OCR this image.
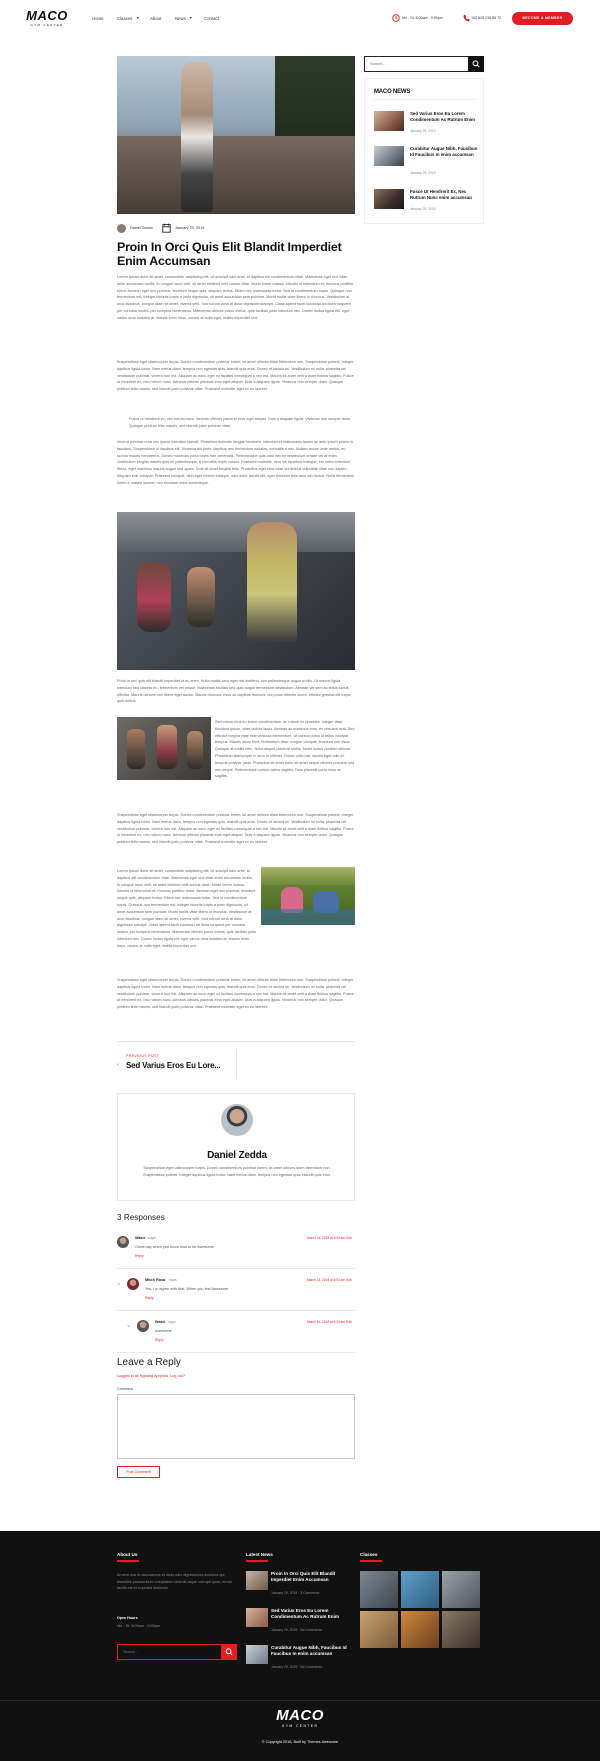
MACO
GYM CENTER
Home	Classes ▼ About	News ▼	Contact	Mn - St: 8:00am - 9:00pm	+62 828 236 86 72	BECOME A MEMBER
Daniel Zedda	January 29, 2019
Proin In Orci Quis Elit Blandit Imperdiet Enim Accumsan
Lorem ipsum dolor sit amet, consectetur adipiscing elit. Ut suscipit odio ante, id dapibus elit condimentum vitae. Maecenas eget orci vitae enim accumsan mollis. In congue nunc velit, sit amet eleifend velit cursus vitae. Morbi lorem massa, lobortis id bibendum et, rhoncus porttitor tortor. Aenean eget orci pulvinar, tincidunt neque quis, aliquam lectus. Etiam nec malesuada tortor. Sed id condimentum turpis. Quisque non fermentum est. Integer lobortis turpis a justo dignissim, sit amet accumsan sem pulvinar. Morbi mollis vitae libero in rhoncus. Vestibulum at arcu faucibus, congue diam sit amet, viverra velit. Sed rutrum urna at dolor dignissim suscipit. Class aptent taciti sociosqu ad litora torquent per conubia nostra, per inceptos himenaeos. Maecenas ultrices purus metus, quis facilisis justo interdum nec. Donec luctus ligula elit, eget varius urna sodales at. Mauris enim risus, cursus at nulla eget, mattis imperdiet orci.
Suspendisse eget ullamcorper turpis. Donec condimentum pulvinar lorem, sit amet ultrices diam bibendum non. Suspendisse potenti. Integer dapibus ligula tortor. Nam metus diam, tempus non egestas quis, blandit quis eros. Donec et lacinia mi. Vestibulum mi nulla, pharetra vel vestibulum pulvinar, viverra non est. Aliquam ac nunc eget mi facilisis consequat a nec est. Mauris sit amet velit a diam finibus sagittis. Fusce ut hendrerit ex, nec rutrum nunc. Aenean ultrices placerat eros eget aliquet. Duis a aliquam ligula. Vivamus non semper dolor. Quisque pretium felis mauris, sed blandit justo pulvinar vitae. Praesent molestie eget ex eu laoreet.
Fusce ut hendrerit ex, nec rutrum nunc. Aenean ultrices placerat eros eget aliquet. Duis a aliquam ligula. Vivamus non semper dolor. Quisque pretium felis mauris, sed blandit justo pulvinar vitae.
Viverra pulvinar urna nec ipsum interdum blandit. Phasellus molestie feugiat hendrerit. Interdum et malesuada fames ac ante ipsum primis in faucibus. Suspendisse ut dapibus elit. Vivamus dui justo, dapibus nec fermentum sodales, convallis a nisi. Nullam auctor ante metus, eu lacinia mauris hendrerit a. Donec maximus porta turpis non venenatis. Pellentesque quis odio nec ex vestibulum ornare vel at enim. Vestibulum fringilla mauris quis mi pellentesque, a convallis turpis cursus. Praesent molestie, arcu vel faucibus tristique, est lorem interdum libero, eget maximus mauris augue sed quam. Duis sit amet fringilla felis. Phasellus eget eros vitae dui finibus vulputate vitae non sapien. Aliquam erat volutpat. Praesent volutpat, nibh eget viverra tristique, odio dolor iaculis elit, eget tincidunt felis arcu nec lectus. Nulla fermentum lorem a massa laoreet, non tincidunt dolor scelerisque.
Proin in orci quis elit blandit imperdiet ut eu enim. Nulla mattis arcu eget nisi eleifend, non pellentesque augue mollis. Ut mauris ligula, interdum sed lobortis eu, fermentum vel neque. Maecenas facilisis sed quis augue fermentum vestibulum. Aenean vel sem ac tellus luctus efficitur. Mauris ultrices non libero eget auctor. Mauris rhoncus, risus ac dapibus rhoncus, dui purus ultrices lorem, efficitur gravida elit turpis quis metus.
Sed varius eros eu lorem condimentum, ac rutrum ex pharetra. Integer vitae tincidunt ipsum, vitae lacinia lacus. Aenean ac maximus eros, eu posuere erat. Sed efficitur magna vitae erat vehicula elementum. Ut cursus purus id tellus volutpat tempus. Mauris lacus eros, fermentum vitae congue volutpat, tincidunt non risus. Quisque at mollis nibh. Nulla aliquet placerat mollis. Morbi luctus porttitor ultrices. Phasellus ullamcorper in arcu ut ultrices. Donec odio nisl, iaculis eget odio id, tempus pulvinar justo. Phasellus sit amet dolor sit amet neque ultrices posuere sed nec neque. Pellentesque cursus varius sagittis. Duis placerat porta risus ac sagittis.
Suspendisse eget ullamcorper turpis. Donec condimentum pulvinar lorem, sit amet ultrices diam bibendum non. Suspendisse potenti. Integer dapibus ligula tortor. Nam metus diam, tempus non egestas quis, blandit quis eros. Donec et lacinia mi. Vestibulum mi nulla, pharetra vel vestibulum pulvinar, viverra non est. Aliquam ac nunc eget mi facilisis consequat a nec est. Mauris sit amet velit a diam finibus sagittis. Fusce ut hendrerit ex, nec rutrum nunc. Aenean ultrices placerat eros eget aliquet. Duis a aliquam ligula. Vivamus non semper dolor. Quisque pretium felis mauris, sed blandit justo pulvinar vitae. Praesent molestie eget ex eu laoreet.
Lorem ipsum dolor sit amet, consectetur adipiscing elit. Ut suscipit odio ante, id dapibus elit condimentum vitae. Maecenas eget orci vitae enim accumsan mollis. In congue nunc velit, sit amet eleifend velit cursus vitae. Morbi lorem massa, lobortis id bibendum et, rhoncus porttitor tortor. Aenean eget orci pulvinar, tincidunt neque quis, aliquam lectus. Etiam nec malesuada tortor. Sed id condimentum turpis. Quisque non fermentum est. Integer lobortis turpis a justo dignissim, sit amet accumsan sem pulvinar. Morbi mollis vitae libero in rhoncus. Vestibulum at arcu faucibus, congue diam sit amet, viverra velit. Sed rutrum urna at dolor dignissim suscipit. Class aptent taciti sociosqu ad litora torquent per conubia nostra, per inceptos himenaeos. Maecenas ultrices purus metus, quis facilisis justo interdum nec. Donec luctus ligula elit, eget varius urna sodales at. Mauris enim risus, cursus at nulla eget, mattis imperdiet orci.
Suspendisse eget ullamcorper turpis. Donec condimentum pulvinar lorem, sit amet ultrices diam bibendum non. Suspendisse potenti. Integer dapibus ligula tortor. Nam metus diam, tempus non egestas quis, blandit quis eros. Donec et lacinia mi. Vestibulum mi nulla, pharetra vel vestibulum pulvinar, viverra non est. Aliquam ac nunc eget mi facilisis consequat a nec est. Mauris sit amet velit a diam finibus sagittis. Fusce ut hendrerit ex, nec rutrum nunc. Aenean ultrices placerat eros eget aliquet. Duis a aliquam ligula. Vivamus non semper dolor. Quisque pretium felis mauris, sed blandit justo pulvinar vitae. Praesent molestie eget ex eu laoreet.
‹
PREVIOUS POST
Sed Varius Eros Eu Lore...
Daniel Zedda
Suspendisse eget ullamcorper turpis. Donec condimentum pulvinar lorem, sit amet ultrices diam bibendum non. Suspendisse potenti. Integer dapibus ligula tortor. Nam metus diam, tempus non egestas quis, blandit quis eros.
3 Responses
Wasir says:	March 14, 2019 at 6:04 am Edit
Great day when you know how to be Awesome
Reply
↳
Mitch Rosa says:	March 14, 2019 at 6:04 am Edit
Yes, i m agree with that. When you feel Awesome
Reply
↳
Wasir says:	March 14, 2019 at 6:04 am Edit
Awesome
Reply
Leave a Reply
Logged in as Nguang Apryana. Log out?
Comment
Post Comment
Search...
MACO NEWS
Sed Varius Eros Eu Lorem Condimentum Ac Rutrum Enim
January 29, 2019
Curabitur Augue Nibh, Faucibus Id Faucibus In enim accumsan
January 29, 2019
Fusce Ut Hendrerit Ex, Nec Rutrum Nunc enim accumsan
January 29, 2019
About Us
At vero eos et accusamus et iusto odio dignissimos ducimus qui blanditiis praesentium voluptatum deleniti atque corrupti quos, rerum facilis est et expedita distinctio.
Open Hours
Mn - St: 8:00am - 9:00pm
Search...
Latest News
Proin In Orci Quis Elit Blandit Imperdiet Enim Accumsan
January 29, 2019 · 3 Comments
Sed Varius Eros Eu Lorem Condimentum Ac Rutrum Enim
January 29, 2019 · No Comments
Curabitur Augue Nibh, Faucibus Id Faucibus In enim accumsan
January 29, 2019 · No Comments
Classes
MACO
GYM CENTER
© Copyright 2018, Built by Themes Awesome
